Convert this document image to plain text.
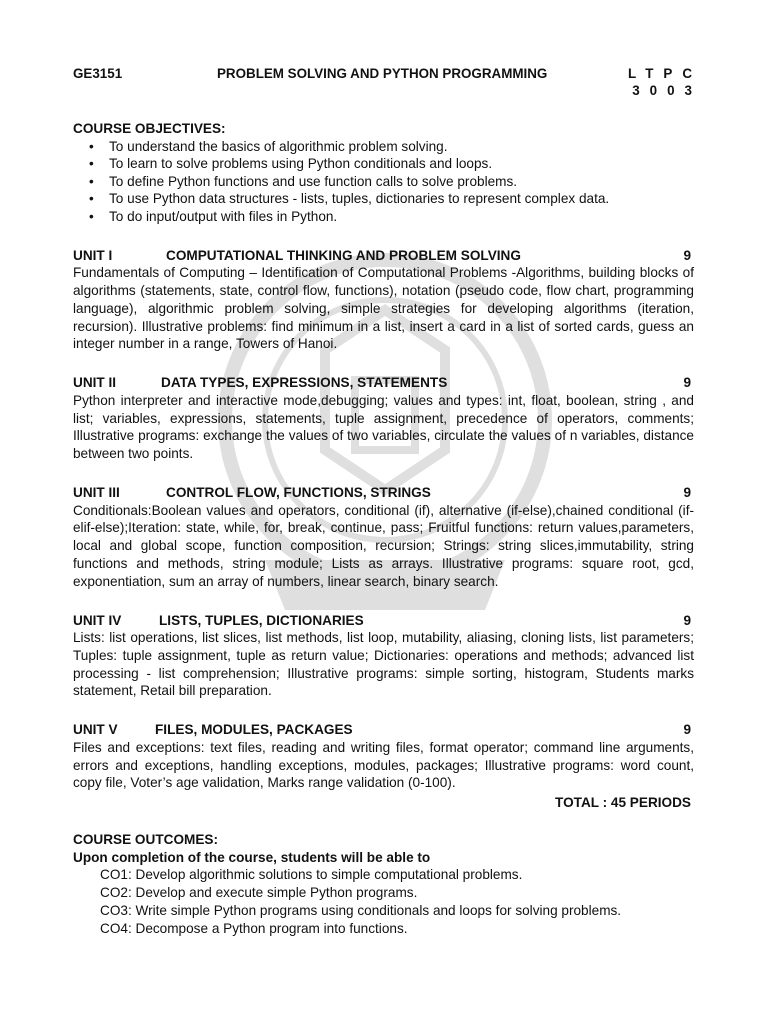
GE3151	PROBLEM SOLVING AND PYTHON PROGRAMMING	LTPC
3003
COURSE OBJECTIVES:
• To understand the basics of algorithmic problem solving.
• To learn to solve problems using Python conditionals and loops.
• To define Python functions and use function calls to solve problems.
• To use Python data structures - lists, tuples, dictionaries to represent complex data.
• To do input/output with files in Python.
UNIT I	COMPUTATIONAL THINKING AND PROBLEM SOLVING	9
Fundamentals of Computing – Identification of Computational Problems -Algorithms, building blocks of algorithms (statements, state, control flow, functions), notation (pseudo code, flow chart, programming language), algorithmic problem solving, simple strategies for developing algorithms (iteration, recursion). Illustrative problems: find minimum in a list, insert a card in a list of sorted cards, guess an integer number in a range, Towers of Hanoi.
UNIT II	DATA TYPES, EXPRESSIONS, STATEMENTS	9
Python interpreter and interactive mode,debugging; values and types: int, float, boolean, string , and list; variables, expressions, statements, tuple assignment, precedence of operators, comments; Illustrative programs: exchange the values of two variables, circulate the values of n variables, distance between two points.
UNIT III	CONTROL FLOW, FUNCTIONS, STRINGS	9
Conditionals:Boolean values and operators, conditional (if), alternative (if-else),chained conditional (if-elif-else);Iteration: state, while, for, break, continue, pass; Fruitful functions: return values,parameters, local and global scope, function composition, recursion; Strings: string slices,immutability, string functions and methods, string module; Lists as arrays. Illustrative programs: square root, gcd, exponentiation, sum an array of numbers, linear search, binary search.
UNIT IV	LISTS, TUPLES, DICTIONARIES	9
Lists: list operations, list slices, list methods, list loop, mutability, aliasing, cloning lists, list parameters; Tuples: tuple assignment, tuple as return value; Dictionaries: operations and methods; advanced list processing - list comprehension; Illustrative programs: simple sorting, histogram, Students marks statement, Retail bill preparation.
UNIT V	FILES, MODULES, PACKAGES	9
Files and exceptions: text files, reading and writing files, format operator; command line arguments, errors and exceptions, handling exceptions, modules, packages; Illustrative programs: word count, copy file, Voter’s age validation, Marks range validation (0-100).
TOTAL : 45 PERIODS
COURSE OUTCOMES:
Upon completion of the course, students will be able to
CO1: Develop algorithmic solutions to simple computational problems.
CO2: Develop and execute simple Python programs.
CO3: Write simple Python programs using conditionals and loops for solving problems.
CO4: Decompose a Python program into functions.
